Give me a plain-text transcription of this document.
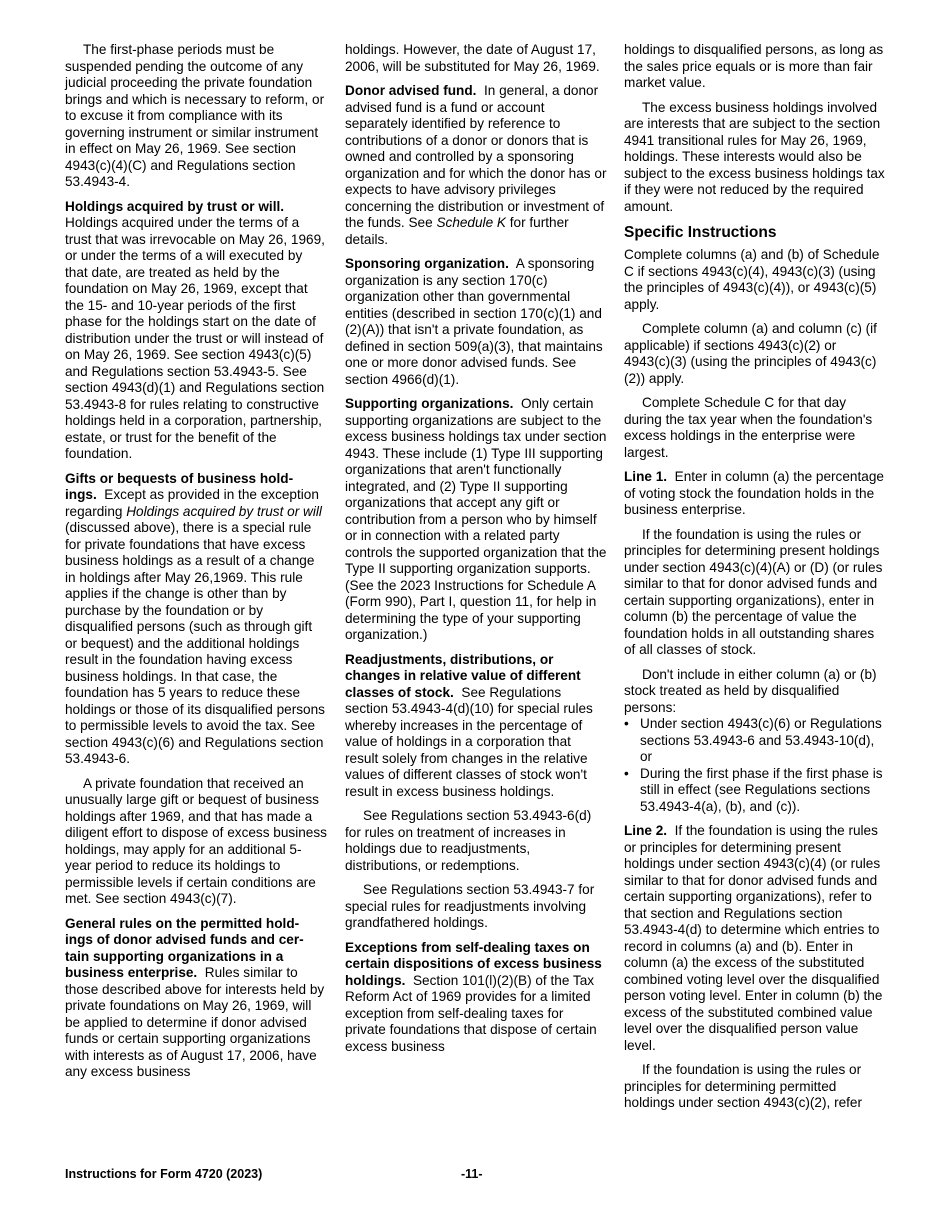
The first-phase periods must be suspended pending the outcome of any judicial proceeding the private foundation brings and which is necessary to reform, or to excuse it from compliance with its governing instrument or similar instrument in effect on May 26, 1969. See section 4943(c)(4)(C) and Regulations section 53.4943-4.

Holdings acquired by trust or will. Holdings acquired under the terms of a trust that was irrevocable on May 26, 1969, or under the terms of a will executed by that date, are treated as held by the foundation on May 26, 1969, except that the 15- and 10-year periods of the first phase for the holdings start on the date of distribution under the trust or will instead of on May 26, 1969. See section 4943(c)(5) and Regulations section 53.4943-5. See section 4943(d)(1) and Regulations section 53.4943-8 for rules relating to constructive holdings held in a corporation, partnership, estate, or trust for the benefit of the foundation.

Gifts or bequests of business hold-ings. Except as provided in the exception regarding Holdings acquired by trust or will (discussed above), there is a special rule for private foundations that have excess business holdings as a result of a change in holdings after May 26,1969. This rule applies if the change is other than by purchase by the foundation or by disqualified persons (such as through gift or bequest) and the additional holdings result in the foundation having excess business holdings. In that case, the foundation has 5 years to reduce these holdings or those of its disqualified persons to permissible levels to avoid the tax. See section 4943(c)(6) and Regulations section 53.4943-6.

A private foundation that received an unusually large gift or bequest of business holdings after 1969, and that has made a diligent effort to dispose of excess business holdings, may apply for an additional 5-year period to reduce its holdings to permissible levels if certain conditions are met. See section 4943(c)(7).

General rules on the permitted hold-ings of donor advised funds and cer-tain supporting organizations in a business enterprise. Rules similar to those described above for interests held by private foundations on May 26, 1969, will be applied to determine if donor advised funds or certain supporting organizations with interests as of August 17, 2006, have any excess business

holdings. However, the date of August 17, 2006, will be substituted for May 26, 1969.

Donor advised fund. In general, a donor advised fund is a fund or account separately identified by reference to contributions of a donor or donors that is owned and controlled by a sponsoring organization and for which the donor has or expects to have advisory privileges concerning the distribution or investment of the funds. See Schedule K for further details.

Sponsoring organization. A sponsoring organization is any section 170(c) organization other than governmental entities (described in section 170(c)(1) and (2)(A)) that isn't a private foundation, as defined in section 509(a)(3), that maintains one or more donor advised funds. See section 4966(d)(1).

Supporting organizations. Only certain supporting organizations are subject to the excess business holdings tax under section 4943. These include (1) Type III supporting organizations that aren't functionally integrated, and (2) Type II supporting organizations that accept any gift or contribution from a person who by himself or in connection with a related party controls the supported organization that the Type II supporting organization supports. (See the 2023 Instructions for Schedule A (Form 990), Part I, question 11, for help in determining the type of your supporting organization.)

Readjustments, distributions, or changes in relative value of different classes of stock. See Regulations section 53.4943-4(d)(10) for special rules whereby increases in the percentage of value of holdings in a corporation that result solely from changes in the relative values of different classes of stock won't result in excess business holdings.

See Regulations section 53.4943-6(d) for rules on treatment of increases in holdings due to readjustments, distributions, or redemptions.

See Regulations section 53.4943-7 for special rules for readjustments involving grandfathered holdings.

Exceptions from self-dealing taxes on certain dispositions of excess business holdings. Section 101(l)(2)(B) of the Tax Reform Act of 1969 provides for a limited exception from self-dealing taxes for private foundations that dispose of certain excess business

holdings to disqualified persons, as long as the sales price equals or is more than fair market value.

The excess business holdings involved are interests that are subject to the section 4941 transitional rules for May 26, 1969, holdings. These interests would also be subject to the excess business holdings tax if they were not reduced by the required amount.

Specific Instructions

Complete columns (a) and (b) of Schedule C if sections 4943(c)(4), 4943(c)(3) (using the principles of 4943(c)(4)), or 4943(c)(5) apply.

Complete column (a) and column (c) (if applicable) if sections 4943(c)(2) or 4943(c)(3) (using the principles of 4943(c)(2)) apply.

Complete Schedule C for that day during the tax year when the foundation's excess holdings in the enterprise were largest.

Line 1. Enter in column (a) the percentage of voting stock the foundation holds in the business enterprise.

If the foundation is using the rules or principles for determining present holdings under section 4943(c)(4)(A) or (D) (or rules similar to that for donor advised funds and certain supporting organizations), enter in column (b) the percentage of value the foundation holds in all outstanding shares of all classes of stock.

Don't include in either column (a) or (b) stock treated as held by disqualified persons:

• Under section 4943(c)(6) or Regulations sections 53.4943-6 and 53.4943-10(d), or
• During the first phase if the first phase is still in effect (see Regulations sections 53.4943-4(a), (b), and (c)).

Line 2. If the foundation is using the rules or principles for determining present holdings under section 4943(c)(4) (or rules similar to that for donor advised funds and certain supporting organizations), refer to that section and Regulations section 53.4943-4(d) to determine which entries to record in columns (a) and (b). Enter in column (a) the excess of the substituted combined voting level over the disqualified person voting level. Enter in column (b) the excess of the substituted combined value level over the disqualified person value level.

If the foundation is using the rules or principles for determining permitted holdings under section 4943(c)(2), refer

Instructions for Form 4720 (2023)	-11-
